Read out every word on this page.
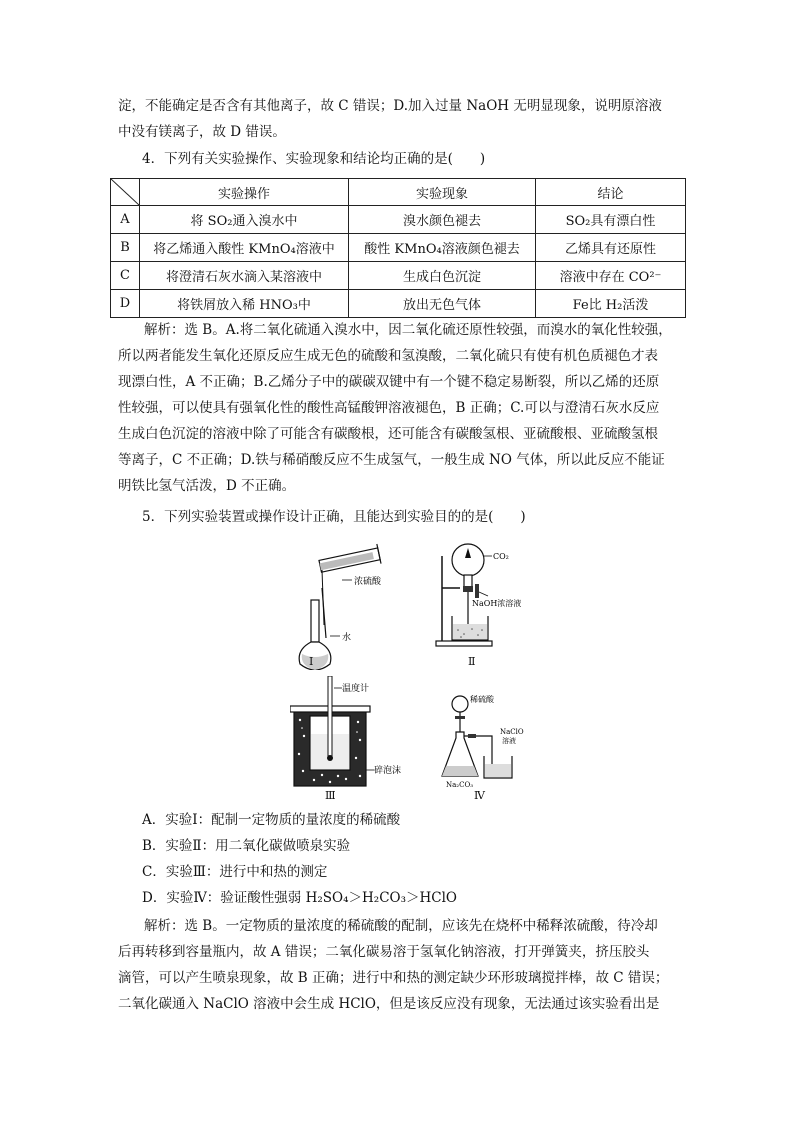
淀，不能确定是否含有其他离子，故 C 错误；D.加入过量 NaOH 无明显现象，说明原溶液
中没有镁离子，故 D 错误。
4．下列有关实验操作、实验现象和结论均正确的是(　　)
	实验操作	实验现象	结论
A	将 SO₂通入溴水中	溴水颜色褪去	SO₂具有漂白性
B	将乙烯通入酸性 KMnO₄溶液中	酸性 KMnO₄溶液颜色褪去	乙烯具有还原性
C	将澄清石灰水滴入某溶液中	生成白色沉淀	溶液中存在 CO²⁻
D	将铁屑放入稀 HNO₃中	放出无色气体	Fe比 H₂活泼
解析：选 B。A.将二氧化硫通入溴水中，因二氧化硫还原性较强，而溴水的氧化性较强，
所以两者能发生氧化还原反应生成无色的硫酸和氢溴酸，二氧化硫只有使有机色质褪色才表
现漂白性，A 不正确；B.乙烯分子中的碳碳双键中有一个键不稳定易断裂，所以乙烯的还原
性较强，可以使具有强氧化性的酸性高锰酸钾溶液褪色，B 正确；C.可以与澄清石灰水反应
生成白色沉淀的溶液中除了可能含有碳酸根，还可能含有碳酸氢根、亚硫酸根、亚硫酸氢根
等离子，C 不正确；D.铁与稀硝酸反应不生成氢气，一般生成 NO 气体，所以此反应不能证
明铁比氢气活泼，D 不正确。
5．下列实验装置或操作设计正确，且能达到实验目的的是(　　)
浓硫酸
水
Ⅰ
CO₂
NaOH浓溶液
Ⅱ
温度计
碎泡沫
Ⅲ
稀硫酸
NaClO
溶液
Na₂CO₃
Ⅳ
A．实验Ⅰ：配制一定物质的量浓度的稀硫酸
B．实验Ⅱ：用二氧化碳做喷泉实验
C．实验Ⅲ：进行中和热的测定
D．实验Ⅳ：验证酸性强弱 H₂SO₄＞H₂CO₃＞HClO
解析：选 B。一定物质的量浓度的稀硫酸的配制，应该先在烧杯中稀释浓硫酸，待冷却
后再转移到容量瓶内，故 A 错误；二氧化碳易溶于氢氧化钠溶液，打开弹簧夹，挤压胶头
滴管，可以产生喷泉现象，故 B 正确；进行中和热的测定缺少环形玻璃搅拌棒，故 C 错误；
二氧化碳通入 NaClO 溶液中会生成 HClO，但是该反应没有现象，无法通过该实验看出是
